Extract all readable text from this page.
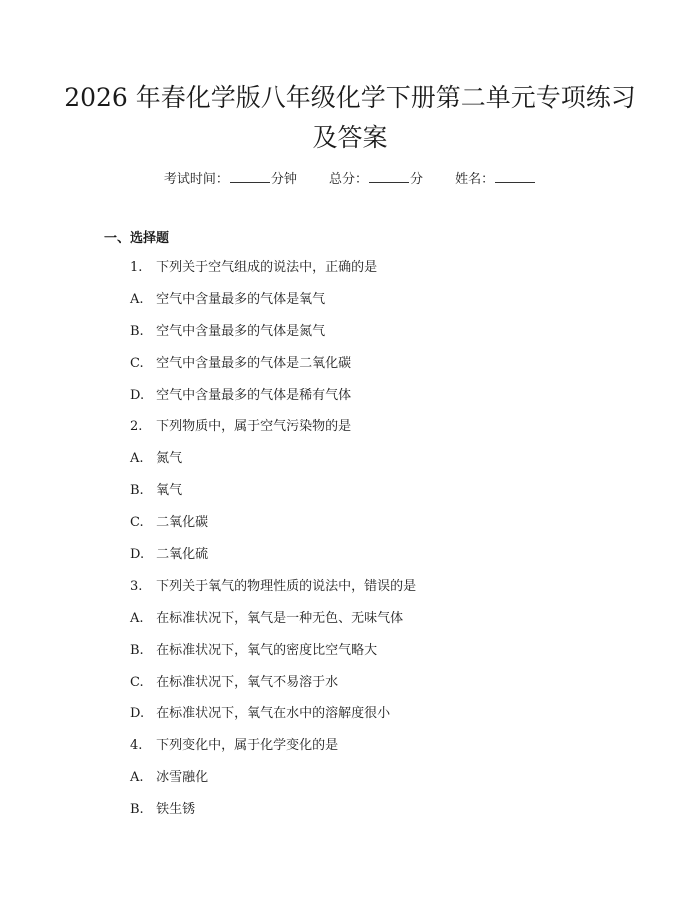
2026 年春化学版八年级化学下册第二单元专项练习及答案
考试时间：	分钟 总分：	分 姓名：
一、选择题
1. 下列关于空气组成的说法中，正确的是
A. 空气中含量最多的气体是氧气
B. 空气中含量最多的气体是氮气
C. 空气中含量最多的气体是二氧化碳
D. 空气中含量最多的气体是稀有气体
2. 下列物质中，属于空气污染物的是
A. 氮气
B. 氧气
C. 二氧化碳
D. 二氧化硫
3. 下列关于氧气的物理性质的说法中，错误的是
A. 在标准状况下，氧气是一种无色、无味气体
B. 在标准状况下，氧气的密度比空气略大
C. 在标准状况下，氧气不易溶于水
D. 在标准状况下，氧气在水中的溶解度很小
4. 下列变化中，属于化学变化的是
A. 冰雪融化
B. 铁生锈
